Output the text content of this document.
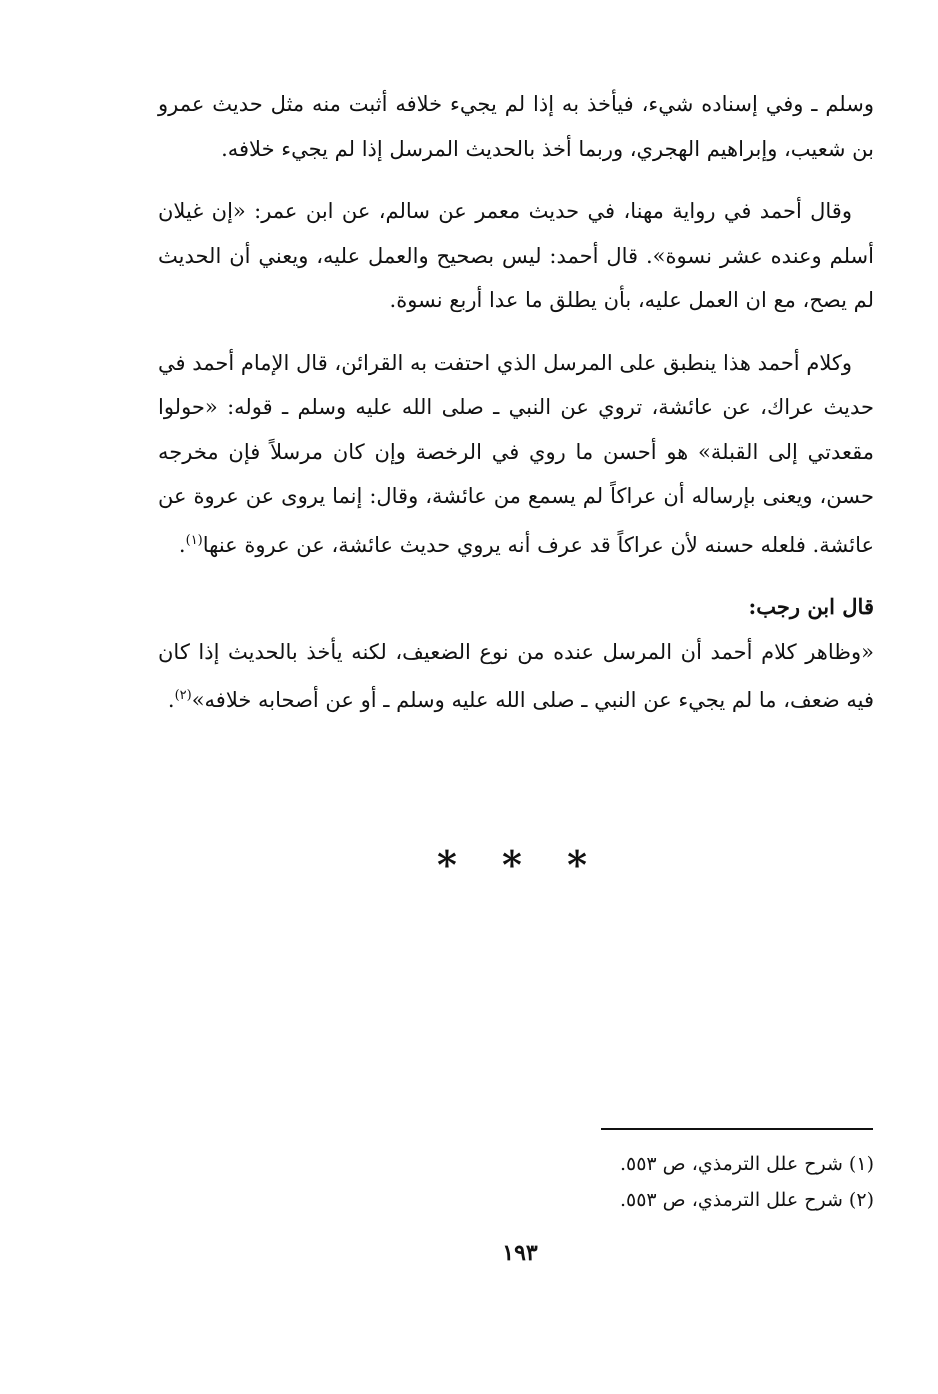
وسلم ـ وفي إسناده شيء، فيأخذ به إذا لم يجيء خلافه أثبت منه مثل حديث عمرو بن شعيب، وإبراهيم الهجري، وربما أخذ بالحديث المرسل إذا لم يجيء خلافه.

وقال أحمد في رواية مهنا، في حديث معمر عن سالم، عن ابن عمر: «إن غيلان أسلم وعنده عشر نسوة». قال أحمد: ليس بصحيح والعمل عليه، ويعني أن الحديث لم يصح، مع ان العمل عليه، بأن يطلق ما عدا أربع نسوة.

وكلام أحمد هذا ينطبق على المرسل الذي احتفت به القرائن، قال الإمام أحمد في حديث عراك، عن عائشة، تروي عن النبي ـ صلى الله عليه وسلم ـ قوله: «حولوا مقعدتي إلى القبلة» هو أحسن ما روي في الرخصة وإن كان مرسلاً فإن مخرجه حسن، ويعنى بإرساله أن عراكاً لم يسمع من عائشة، وقال: إنما يروى عن عروة عن عائشة. فلعله حسنه لأن عراكاً قد عرف أنه يروي حديث عائشة، عن عروة عنها$^{(١)}$.

قال ابن رجب:

«وظاهر كلام أحمد أن المرسل عنده من نوع الضعيف، لكنه يأخذ بالحديث إذا كان فيه ضعف، ما لم يجيء عن النبي ـ صلى الله عليه وسلم ـ أو عن أصحابه خلافه»$^{(٢)}$.

* * *

(١) شرح علل الترمذي، ص ٥٥٣.

(٢) شرح علل الترمذي، ص ٥٥٣.

١٩٣
